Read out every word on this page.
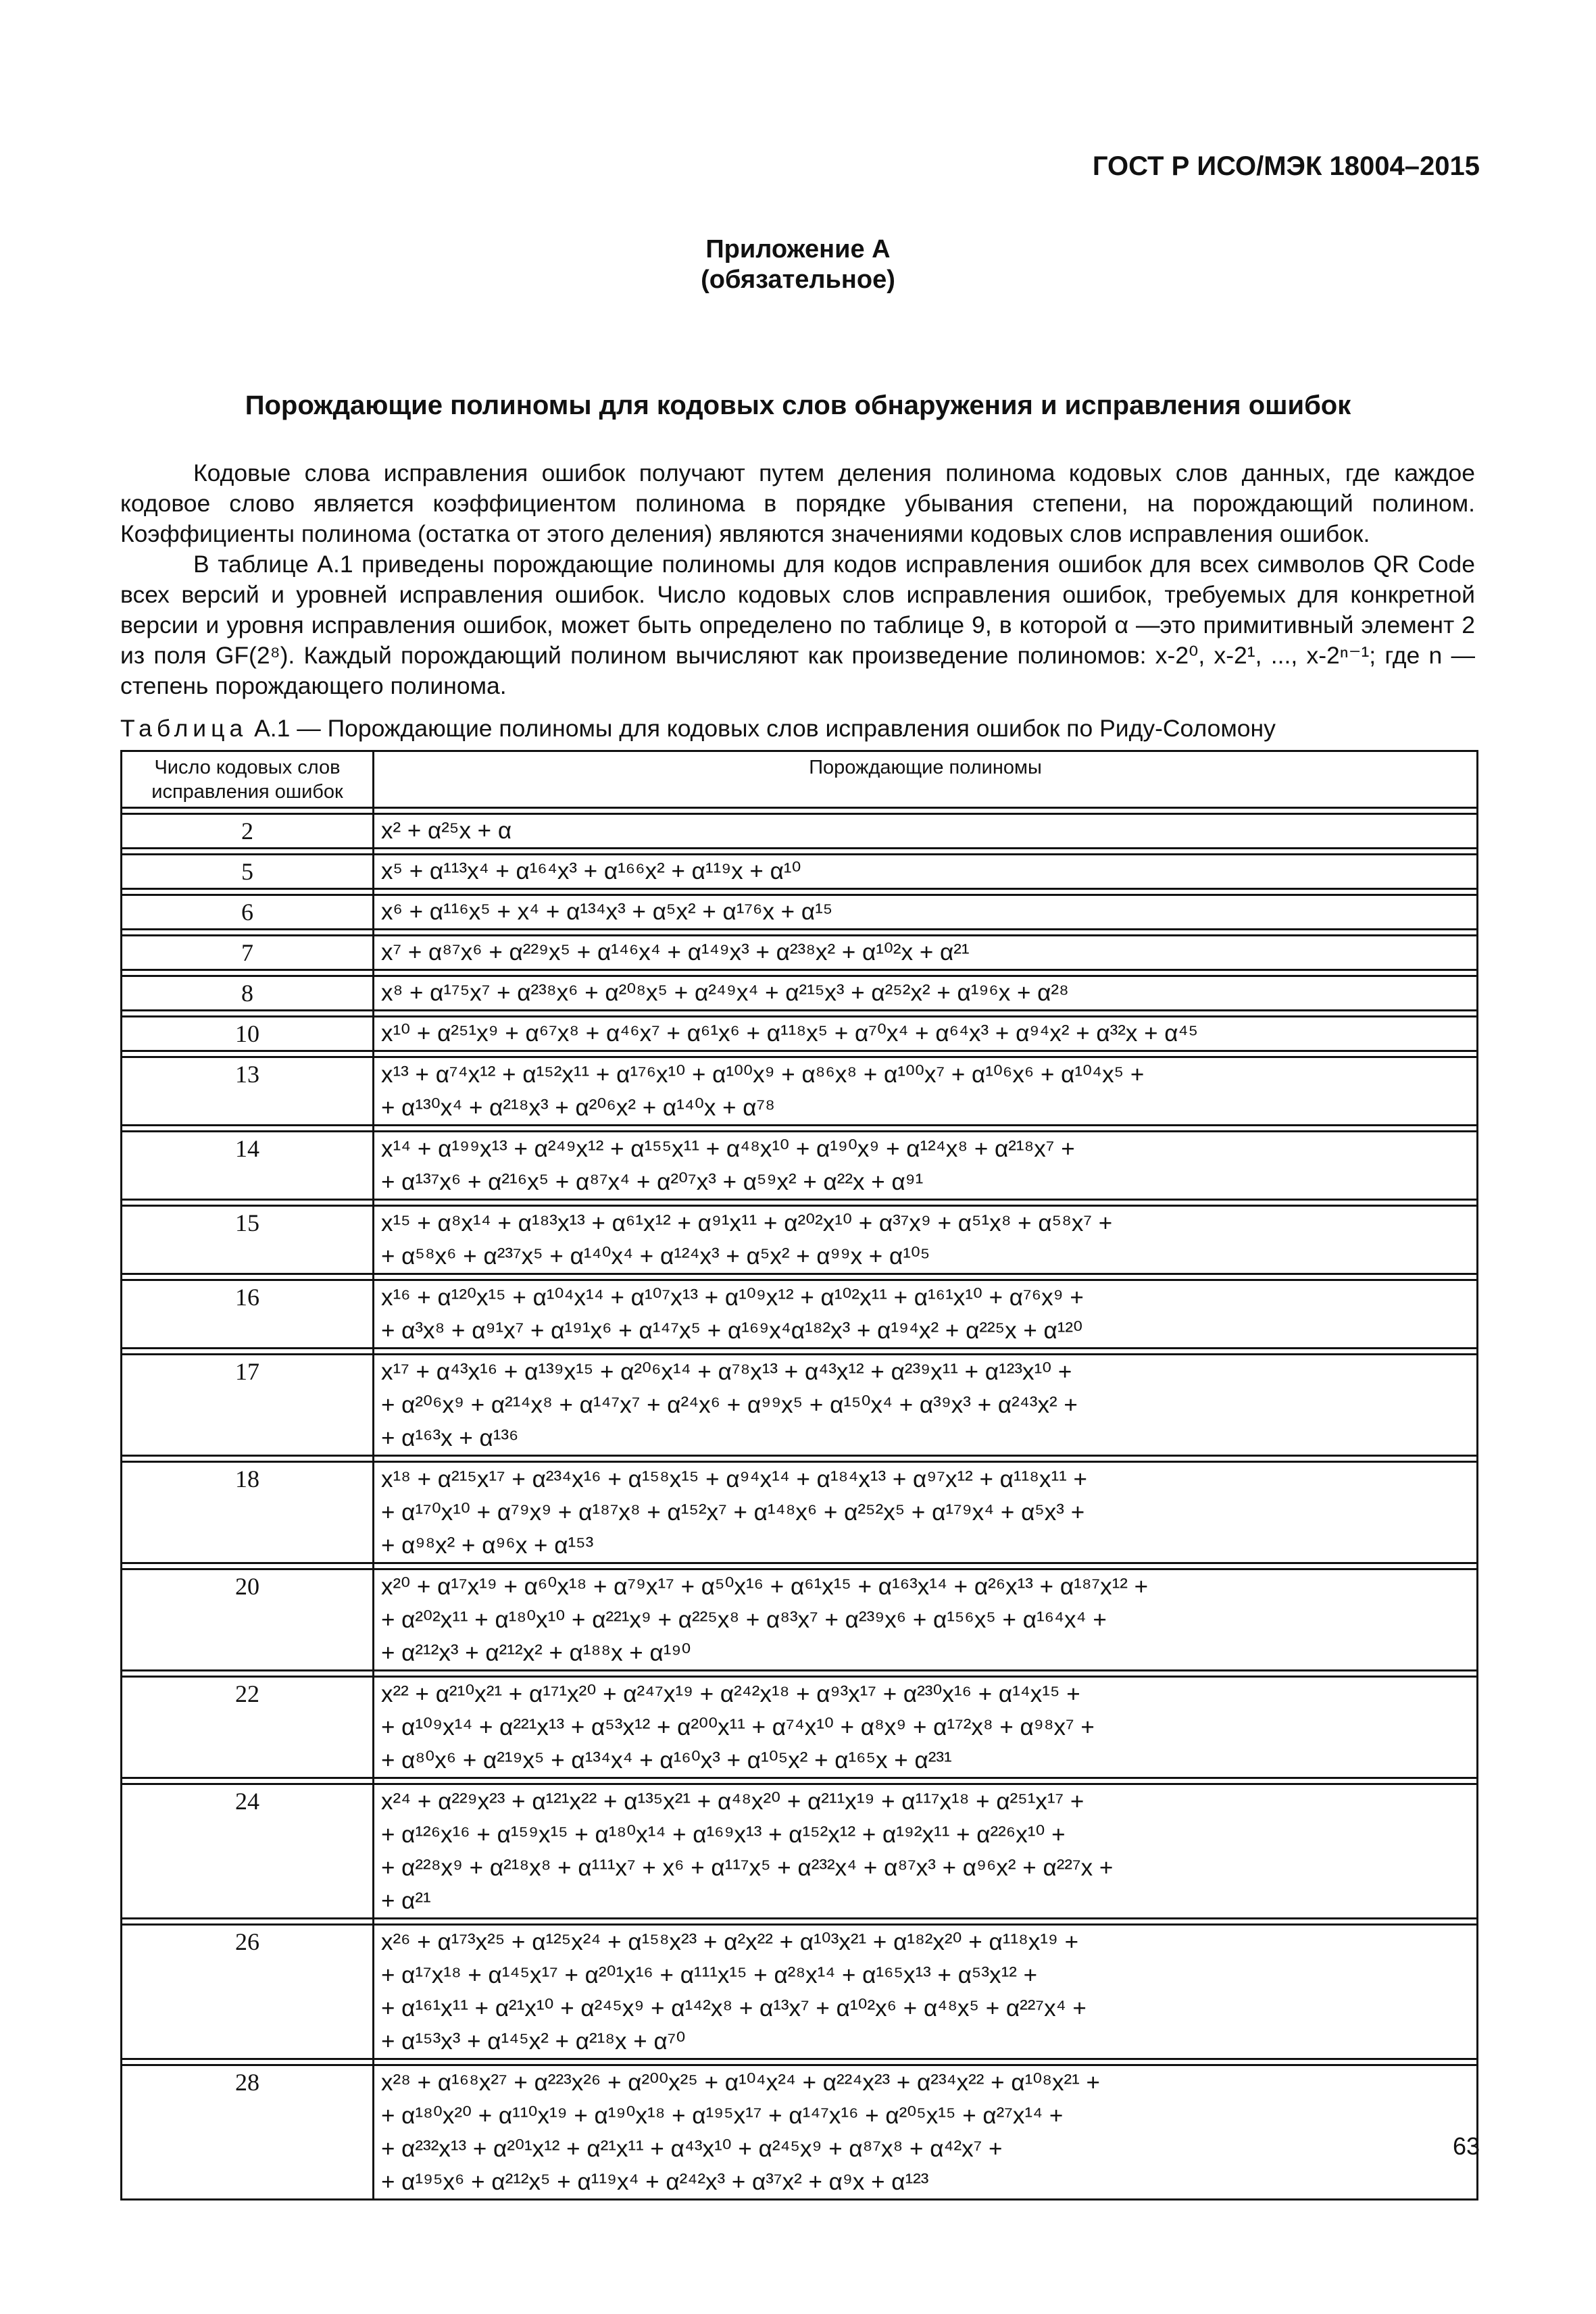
ГОСТ Р ИСО/МЭК 18004–2015
Приложение А
(обязательное)
Порождающие полиномы для кодовых слов обнаружения и исправления ошибок

Кодовые слова исправления ошибок получают путем деления полинома кодовых слов данных, где каждое кодовое слово является коэффициентом полинома в порядке убывания степени, на порождающий полином. Коэффициенты полинома (остатка от этого деления) являются значениями кодовых слов исправления ошибок.

В таблице А.1 приведены порождающие полиномы для кодов исправления ошибок для всех символов QR Code всех версий и уровней исправления ошибок. Число кодовых слов исправления ошибок, требуемых для конкретной версии и уровня исправления ошибок, может быть определено по таблице 9, в которой α —это примитивный элемент 2 из поля GF(2⁸). Каждый порождающий полином вычисляют как произведение полиномов: x-2⁰, x-2¹, ..., x-2ⁿ⁻¹; где n — степень порождающего полинома.

Таблица А.1 — Порождающие полиномы для кодовых слов исправления ошибок по Риду-Соломону
Число кодовых слов исправления ошибок	Порождающие полиномы

2	x² + α²⁵x + α

5	x⁵ + α¹¹³x⁴ + α¹⁶⁴x³ + α¹⁶⁶x² + α¹¹⁹x + α¹⁰

6	x⁶ + α¹¹⁶x⁵ + x⁴ + α¹³⁴x³ + α⁵x² + α¹⁷⁶x + α¹⁵

7	x⁷ + α⁸⁷x⁶ + α²²⁹x⁵ + α¹⁴⁶x⁴ + α¹⁴⁹x³ + α²³⁸x² + α¹⁰²x + α²¹

8	x⁸ + α¹⁷⁵x⁷ + α²³⁸x⁶ + α²⁰⁸x⁵ + α²⁴⁹x⁴ + α²¹⁵x³ + α²⁵²x² + α¹⁹⁶x + α²⁸

10	x¹⁰ + α²⁵¹x⁹ + α⁶⁷x⁸ + α⁴⁶x⁷ + α⁶¹x⁶ + α¹¹⁸x⁵ + α⁷⁰x⁴ + α⁶⁴x³ + α⁹⁴x² + α³²x + α⁴⁵

13	x¹³ + α⁷⁴x¹² + α¹⁵²x¹¹ + α¹⁷⁶x¹⁰ + α¹⁰⁰x⁹ + α⁸⁶x⁸ + α¹⁰⁰x⁷ + α¹⁰⁶x⁶ + α¹⁰⁴x⁵ +
+ α¹³⁰x⁴ + α²¹⁸x³ + α²⁰⁶x² + α¹⁴⁰x + α⁷⁸

14	x¹⁴ + α¹⁹⁹x¹³ + α²⁴⁹x¹² + α¹⁵⁵x¹¹ + α⁴⁸x¹⁰ + α¹⁹⁰x⁹ + α¹²⁴x⁸ + α²¹⁸x⁷ +
+ α¹³⁷x⁶ + α²¹⁶x⁵ + α⁸⁷x⁴ + α²⁰⁷x³ + α⁵⁹x² + α²²x + α⁹¹

15	x¹⁵ + α⁸x¹⁴ + α¹⁸³x¹³ + α⁶¹x¹² + α⁹¹x¹¹ + α²⁰²x¹⁰ + α³⁷x⁹ + α⁵¹x⁸ + α⁵⁸x⁷ +
+ α⁵⁸x⁶ + α²³⁷x⁵ + α¹⁴⁰x⁴ + α¹²⁴x³ + α⁵x² + α⁹⁹x + α¹⁰⁵

16	x¹⁶ + α¹²⁰x¹⁵ + α¹⁰⁴x¹⁴ + α¹⁰⁷x¹³ + α¹⁰⁹x¹² + α¹⁰²x¹¹ + α¹⁶¹x¹⁰ + α⁷⁶x⁹ +
+ α³x⁸ + α⁹¹x⁷ + α¹⁹¹x⁶ + α¹⁴⁷x⁵ + α¹⁶⁹x⁴α¹⁸²x³ + α¹⁹⁴x² + α²²⁵x + α¹²⁰

17	x¹⁷ + α⁴³x¹⁶ + α¹³⁹x¹⁵ + α²⁰⁶x¹⁴ + α⁷⁸x¹³ + α⁴³x¹² + α²³⁹x¹¹ + α¹²³x¹⁰ +
+ α²⁰⁶x⁹ + α²¹⁴x⁸ + α¹⁴⁷x⁷ + α²⁴x⁶ + α⁹⁹x⁵ + α¹⁵⁰x⁴ + α³⁹x³ + α²⁴³x² +
+ α¹⁶³x + α¹³⁶

18	x¹⁸ + α²¹⁵x¹⁷ + α²³⁴x¹⁶ + α¹⁵⁸x¹⁵ + α⁹⁴x¹⁴ + α¹⁸⁴x¹³ + α⁹⁷x¹² + α¹¹⁸x¹¹ +
+ α¹⁷⁰x¹⁰ + α⁷⁹x⁹ + α¹⁸⁷x⁸ + α¹⁵²x⁷ + α¹⁴⁸x⁶ + α²⁵²x⁵ + α¹⁷⁹x⁴ + α⁵x³ +
+ α⁹⁸x² + α⁹⁶x + α¹⁵³

20	x²⁰ + α¹⁷x¹⁹ + α⁶⁰x¹⁸ + α⁷⁹x¹⁷ + α⁵⁰x¹⁶ + α⁶¹x¹⁵ + α¹⁶³x¹⁴ + α²⁶x¹³ + α¹⁸⁷x¹² +
+ α²⁰²x¹¹ + α¹⁸⁰x¹⁰ + α²²¹x⁹ + α²²⁵x⁸ + α⁸³x⁷ + α²³⁹x⁶ + α¹⁵⁶x⁵ + α¹⁶⁴x⁴ +
+ α²¹²x³ + α²¹²x² + α¹⁸⁸x + α¹⁹⁰

22	x²² + α²¹⁰x²¹ + α¹⁷¹x²⁰ + α²⁴⁷x¹⁹ + α²⁴²x¹⁸ + α⁹³x¹⁷ + α²³⁰x¹⁶ + α¹⁴x¹⁵ +
+ α¹⁰⁹x¹⁴ + α²²¹x¹³ + α⁵³x¹² + α²⁰⁰x¹¹ + α⁷⁴x¹⁰ + α⁸x⁹ + α¹⁷²x⁸ + α⁹⁸x⁷ +
+ α⁸⁰x⁶ + α²¹⁹x⁵ + α¹³⁴x⁴ + α¹⁶⁰x³ + α¹⁰⁵x² + α¹⁶⁵x + α²³¹

24	x²⁴ + α²²⁹x²³ + α¹²¹x²² + α¹³⁵x²¹ + α⁴⁸x²⁰ + α²¹¹x¹⁹ + α¹¹⁷x¹⁸ + α²⁵¹x¹⁷ +
+ α¹²⁶x¹⁶ + α¹⁵⁹x¹⁵ + α¹⁸⁰x¹⁴ + α¹⁶⁹x¹³ + α¹⁵²x¹² + α¹⁹²x¹¹ + α²²⁶x¹⁰ +
+ α²²⁸x⁹ + α²¹⁸x⁸ + α¹¹¹x⁷ + x⁶ + α¹¹⁷x⁵ + α²³²x⁴ + α⁸⁷x³ + α⁹⁶x² + α²²⁷x +
+ α²¹

26	x²⁶ + α¹⁷³x²⁵ + α¹²⁵x²⁴ + α¹⁵⁸x²³ + α²x²² + α¹⁰³x²¹ + α¹⁸²x²⁰ + α¹¹⁸x¹⁹ +
+ α¹⁷x¹⁸ + α¹⁴⁵x¹⁷ + α²⁰¹x¹⁶ + α¹¹¹x¹⁵ + α²⁸x¹⁴ + α¹⁶⁵x¹³ + α⁵³x¹² +
+ α¹⁶¹x¹¹ + α²¹x¹⁰ + α²⁴⁵x⁹ + α¹⁴²x⁸ + α¹³x⁷ + α¹⁰²x⁶ + α⁴⁸x⁵ + α²²⁷x⁴ +
+ α¹⁵³x³ + α¹⁴⁵x² + α²¹⁸x + α⁷⁰

28	x²⁸ + α¹⁶⁸x²⁷ + α²²³x²⁶ + α²⁰⁰x²⁵ + α¹⁰⁴x²⁴ + α²²⁴x²³ + α²³⁴x²² + α¹⁰⁸x²¹ +
+ α¹⁸⁰x²⁰ + α¹¹⁰x¹⁹ + α¹⁹⁰x¹⁸ + α¹⁹⁵x¹⁷ + α¹⁴⁷x¹⁶ + α²⁰⁵x¹⁵ + α²⁷x¹⁴ +
+ α²³²x¹³ + α²⁰¹x¹² + α²¹x¹¹ + α⁴³x¹⁰ + α²⁴⁵x⁹ + α⁸⁷x⁸ + α⁴²x⁷ +
+ α¹⁹⁵x⁶ + α²¹²x⁵ + α¹¹⁹x⁴ + α²⁴²x³ + α³⁷x² + α⁹x + α¹²³
63
